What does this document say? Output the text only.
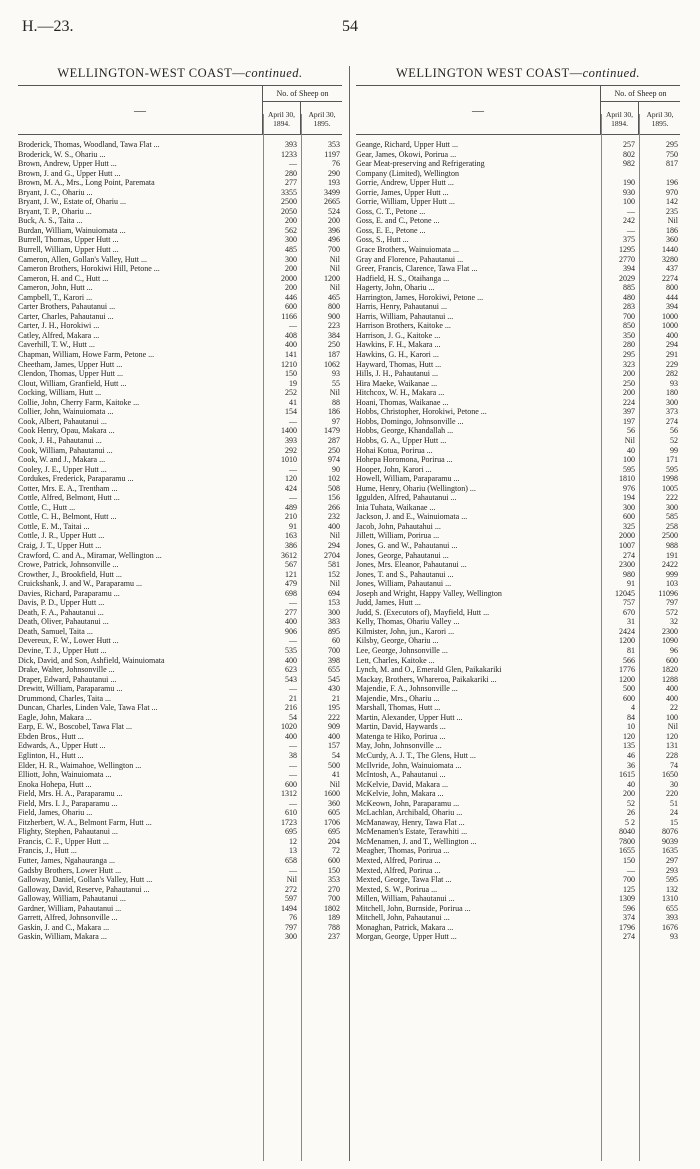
H.—23.	54
WELLINGTON-WEST COAST—continued.
—
No. of Sheep on
April 30, 1894.
April 30, 1895.
Broderick, Thomas, Woodland, Tawa Flat ...	393	353
Broderick, W. S., Ohariu ...	1233	1197
Brown, Andrew, Upper Hutt ...	—	76
Brown, J. and G., Upper Hutt ...	280	290
Brown, M. A., Mrs., Long Point, Paremata	277	193
Bryant, J. C., Ohariu ...	3355	3499
Bryant, J. W., Estate of, Ohariu ...	2500	2665
Bryant, T. P., Ohariu ...	2050	524
Buck, A. S., Taita ...	200	200
Burdan, William, Wainuiomata ...	562	396
Burrell, Thomas, Upper Hutt ...	300	496
Burrell, William, Upper Hutt ...	485	700
Cameron, Allen, Gollan's Valley, Hutt ...	300	Nil
Cameron Brothers, Horokiwi Hill, Petone ...	200	Nil
Cameron, H. and C., Hutt ...	2000	1200
Cameron, John, Hutt ...	200	Nil
Campbell, T., Karori ...	446	465
Carter Brothers, Pahautanui ...	600	800
Carter, Charles, Pahautanui ...	1166	900
Carter, J. H., Horokiwi ...	—	223
Catley, Alfred, Makara ...	408	384
Caverhill, T. W., Hutt ...	400	250
Chapman, William, Howe Farm, Petone ...	141	187
Cheetham, James, Upper Hutt ...	1210	1062
Clendon, Thomas, Upper Hutt ...	150	93
Clout, William, Granfield, Hutt ...	19	55
Cocking, William, Hutt ...	252	Nil
Collie, John, Cherry Farm, Kaitoke ...	41	88
Collier, John, Wainuiomata ...	154	186
Cook, Albert, Pahautanui ...	—	97
Cook Henry, Opau, Makara ...	1400	1479
Cook, J. H., Pahautanui ...	393	287
Cook, William, Pahautanui ...	292	250
Cook, W. and J., Makara ...	1010	974
Cooley, J. E., Upper Hutt ...	—	90
Cordukes, Frederick, Paraparamu ...	120	102
Cotter, Mrs. E. A., Trentham ...	424	508
Cottle, Alfred, Belmont, Hutt ...	—	156
Cottle, C., Hutt ...	489	266
Cottle, C. H., Belmont, Hutt ...	210	232
Cottle, E. M., Taitai ...	91	400
Cottle, J. R., Upper Hutt ...	163	Nil
Craig, J. T., Upper Hutt ...	386	294
Crawford, C. and A., Miramar, Wellington ...	3612	2704
Crowe, Patrick, Johnsonville ...	567	581
Crowther, J., Brookfield, Hutt ...	121	152
Cruickshank, J. and W., Paraparamu ...	479	Nil
Davies, Richard, Paraparamu ...	698	694
Davis, P. D., Upper Hutt ...	—	153
Death, F. A., Pahautanui ...	277	300
Death, Oliver, Pahautanui ...	400	383
Death, Samuel, Taita ...	906	895
Devereux, F. W., Lower Hutt ...	—	60
Devine, T. J., Upper Hutt ...	535	700
Dick, David, and Son, Ashfield, Wainuiomata	400	398
Drake, Walter, Johnsonville ...	623	655
Draper, Edward, Pahautanui ...	543	545
Drewitt, William, Paraparamu ...	—	430
Drummond, Charles, Taita ...	21	21
Duncan, Charles, Linden Vale, Tawa Flat ...	216	195
Eagle, John, Makara ...	54	222
Earp, E. W., Boscobel, Tawa Flat ...	1020	909
Ebden Bros., Hutt ...	400	400
Edwards, A., Upper Hutt ...	—	157
Eglinton, H., Hutt ...	38	54
Elder, H. R., Waimahoe, Wellington ...	—	500
Elliott, John, Wainuiomata ...	—	41
Enoka Hohepa, Hutt ...	600	Nil
Field, Mrs. H. A., Paraparamu ...	1312	1600
Field, Mrs. I. J., Paraparamu ...	—	360
Field, James, Ohariu ...	610	605
Fitzherbert, W. A., Belmont Farm, Hutt ...	1723	1706
Flighty, Stephen, Pahautanui ...	695	695
Francis, C. F., Upper Hutt ...	12	204
Francis, J., Hutt ...	13	72
Futter, James, Ngahauranga ...	658	600
Gadsby Brothers, Lower Hutt ...	—	150
Galloway, Daniel, Gollan's Valley, Hutt ...	Nil	353
Galloway, David, Reserve, Pahautanui ...	272	270
Galloway, William, Pahautanui ...	597	700
Gardner, William, Pahautanui ...	1494	1802
Garrett, Alfred, Johnsonville ...	76	189
Gaskin, J. and C., Makara ...	797	788
Gaskin, William, Makara ...	300	237
WELLINGTON WEST COAST—continued.
—
No. of Sheep on
April 30, 1894.
April 30, 1895.
Geange, Richard, Upper Hutt ...	257	295
Gear, James, Okowi, Porirua ...	802	750
Gear Meat-preserving and Refrigerating	982	817
Company (Limited), Wellington
Gorrie, Andrew, Upper Hutt ...	190	196
Gorrie, James, Upper Hutt ...	930	970
Gorrie, William, Upper Hutt ...	100	142
Goss, C. T., Petone ...	—	235
Goss, E. and C., Petone ...	242	Nil
Goss, E. E., Petone ...	—	186
Goss, S., Hutt ...	375	360
Grace Brothers, Wainuiomata ...	1295	1440
Gray and Florence, Pahautanui ...	2770	3280
Greer, Francis, Clarence, Tawa Flat ...	394	437
Hadfield, H. S., Otaihanga ...	2029	2274
Hagerty, John, Ohariu ...	885	800
Harrington, James, Horokiwi, Petone ...	480	444
Harris, Henry, Pahautanui ...	283	394
Harris, William, Pahautanui ...	700	1000
Harrison Brothers, Kaitoke ...	850	1000
Harrison, J. G., Kaitoke ...	350	400
Hawkins, F. H., Makara ...	280	294
Hawkins, G. H., Karori ...	295	291
Hayward, Thomas, Hutt ...	323	229
Hills, J. H., Pahautanui ...	200	282
Hira Maeke, Waikanae ...	250	93
Hitchcox, W. H., Makara ...	200	180
Hoani, Thomas, Waikanae ...	224	300
Hobbs, Christopher, Horokiwi, Petone ...	397	373
Hobbs, Domingo, Johnsonville ...	197	274
Hobbs, George, Khandallah ...	56	56
Hobbs, G. A., Upper Hutt ...	Nil	52
Hohai Kotua, Porirua ...	40	99
Hohepa Horomona, Porirua ...	100	171
Hooper, John, Karori ...	595	595
Howell, William, Paraparamu ...	1810	1998
Hume, Henry, Ohariu (Wellington) ...	976	1005
Iggulden, Alfred, Pahautanui ...	194	222
Inia Tuhata, Waikanae ...	300	300
Jackson, J. and E., Wainuiomata ...	600	585
Jacob, John, Pahautahui ...	325	258
Jillett, William, Porirua ...	2000	2500
Jones, G. and W., Pahautanui ...	1007	988
Jones, George, Pahautanui ...	274	191
Jones, Mrs. Eleanor, Pahautanui ...	2300	2422
Jones, T. and S., Pahautanui ...	980	999
Jones, William, Pahautanui ...	91	103
Joseph and Wright, Happy Valley, Wellington	12045	11096
Judd, James, Hutt ...	757	797
Judd, S. (Executors of), Mayfield, Hutt ...	670	572
Kelly, Thomas, Ohariu Valley ...	31	32
Kilmister, John, jun., Karori ...	2424	2300
Kilsby, George, Ohariu ...	1200	1090
Lee, George, Johnsonville ...	81	96
Lett, Charles, Kaitoke ...	566	600
Lynch, M. and O., Emerald Glen, Paikakariki	1776	1820
Mackay, Brothers, Whareroa, Paikakariki ...	1200	1288
Majendie, F. A., Johnsonville ...	500	400
Majendie, Mrs., Ohariu ...	600	400
Marshall, Thomas, Hutt ...	4	22
Martin, Alexander, Upper Hutt ...	84	100
Martin, David, Haywards ...	10	Nil
Matenga te Hiko, Porirua ...	120	120
May, John, Johnsonville ...	135	131
McCurdy, A. J. T., The Glens, Hutt ...	46	228
McIlvride, John, Wainuiomata ...	36	74
McIntosh, A., Pahautanui ...	1615	1650
McKelvie, David, Makara ...	40	30
McKelvie, John, Makara ...	200	220
McKeown, John, Paraparamu ...	52	51
McLachlan, Archibald, Ohariu ...	26	24
McManaway, Henry, Tawa Flat ...	5 2	15
McMenamen's Estate, Terawhiti ...	8040	8076
McMenamen, J. and T., Wellington ...	7800	9039
Meagher, Thomas, Porirua ...	1655	1635
Mexted, Alfred, Porirua ...	150	297
Mexted, Alfred, Porirua ...	—	293
Mexted, George, Tawa Flat ...	700	595
Mexted, S. W., Porirua ...	125	132
Millen, William, Pahautanui ...	1309	1310
Mitchell, John, Burnside, Porirua ...	596	655
Mitchell, John, Pahautanui ...	374	393
Monaghan, Patrick, Makara ...	1796	1676
Morgan, George, Upper Hutt ...	274	93
